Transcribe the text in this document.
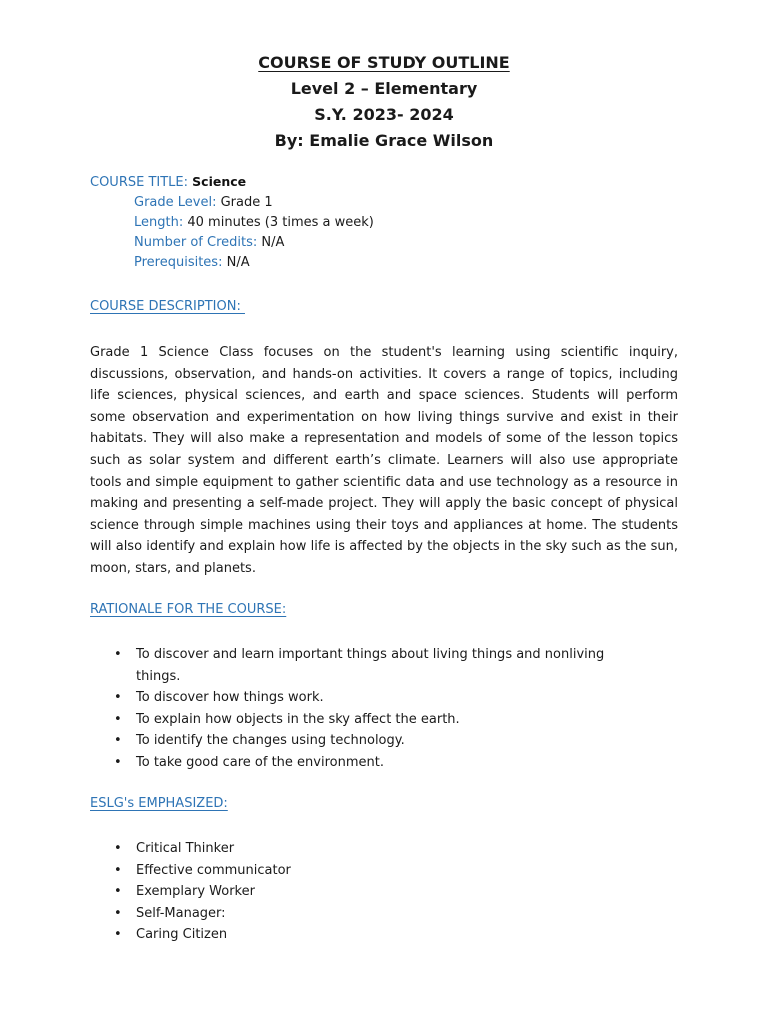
COURSE OF STUDY OUTLINE
Level 2 – Elementary
S.Y. 2023- 2024
By: Emalie Grace Wilson
COURSE TITLE: Science
Grade Level: Grade 1
Length: 40 minutes (3 times a week)
Number of Credits: N/A
Prerequisites: N/A
COURSE DESCRIPTION:

Grade 1 Science Class focuses on the student's learning using scientific inquiry, discussions, observation, and hands-on activities. It covers a range of topics, including life sciences, physical sciences, and earth and space sciences. Students will perform some observation and experimentation on how living things survive and exist in their habitats. They will also make a representation and models of some of the lesson topics such as solar system and different earth’s climate. Learners will also use appropriate tools and simple equipment to gather scientific data and use technology as a resource in making and presenting a self-made project. They will apply the basic concept of physical science through simple machines using their toys and appliances at home. The students will also identify and explain how life is affected by the objects in the sky such as the sun, moon, stars, and planets.

RATIONALE FOR THE COURSE:
• To discover and learn important things about living things and nonliving things.
• To discover how things work.
• To explain how objects in the sky affect the earth.
• To identify the changes using technology.
• To take good care of the environment.
ESLG's EMPHASIZED:
• Critical Thinker
• Effective communicator
• Exemplary Worker
• Self-Manager:
• Caring Citizen
